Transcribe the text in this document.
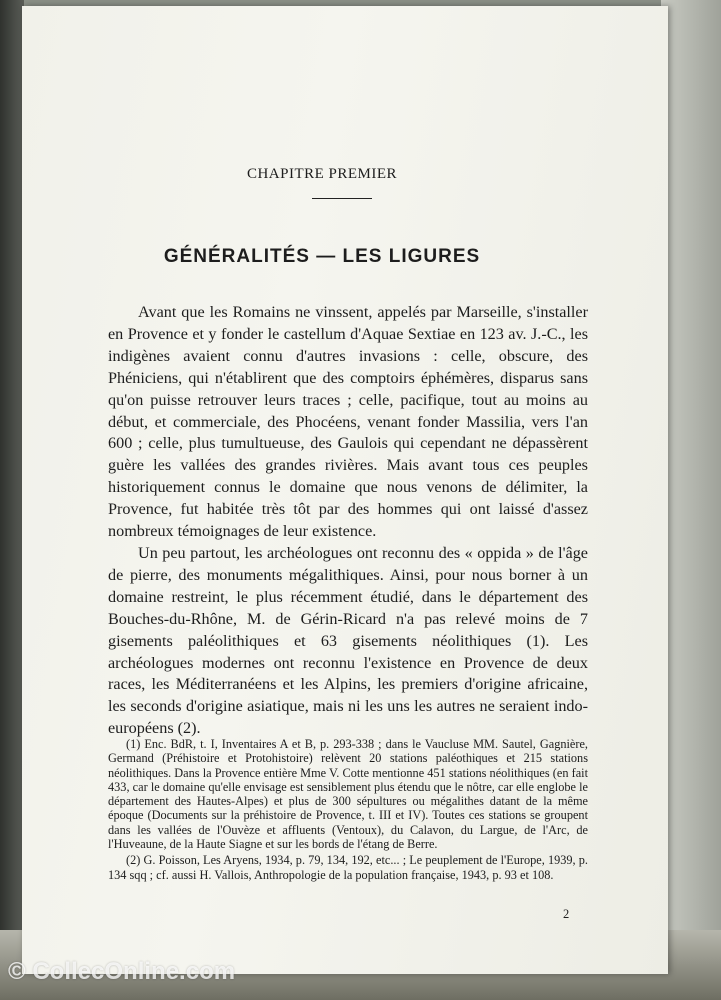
CHAPITRE PREMIER
GÉNÉRALITÉS — LES LIGURES

Avant que les Romains ne vinssent, appelés par Marseille, s'installer en Provence et y fonder le castellum d'Aquae Sextiae en 123 av. J.-C., les indigènes avaient connu d'autres invasions : celle, obscure, des Phéniciens, qui n'établirent que des comptoirs éphémères, disparus sans qu'on puisse retrouver leurs traces ; celle, pacifique, tout au moins au début, et commerciale, des Phocéens, venant fonder Massilia, vers l'an 600 ; celle, plus tumultueuse, des Gaulois qui cependant ne dépassèrent guère les vallées des grandes rivières. Mais avant tous ces peuples historiquement connus le domaine que nous venons de délimiter, la Provence, fut habitée très tôt par des hommes qui ont laissé d'assez nombreux témoignages de leur existence.

Un peu partout, les archéologues ont reconnu des « oppida » de l'âge de pierre, des monuments mégalithiques. Ainsi, pour nous borner à un domaine restreint, le plus récemment étudié, dans le département des Bouches-du-Rhône, M. de Gérin-Ricard n'a pas relevé moins de 7 gisements paléolithiques et 63 gisements néolithiques (1). Les archéologues modernes ont reconnu l'existence en Provence de deux races, les Méditerranéens et les Alpins, les premiers d'origine africaine, les seconds d'origine asiatique, mais ni les uns les autres ne seraient indo-européens (2).

(1) Enc. BdR, t. I, Inventaires A et B, p. 293-338 ; dans le Vaucluse MM. Sautel, Gagnière, Germand (Préhistoire et Protohistoire) relèvent 20 stations paléothiques et 215 stations néolithiques. Dans la Provence entière Mme V. Cotte mentionne 451 stations néolithiques (en fait 433, car le domaine qu'elle envisage est sensiblement plus étendu que le nôtre, car elle englobe le département des Hautes-Alpes) et plus de 300 sépultures ou mégalithes datant de la même époque (Documents sur la préhistoire de Provence, t. III et IV). Toutes ces stations se groupent dans les vallées de l'Ouvèze et affluents (Ventoux), du Calavon, du Largue, de l'Arc, de l'Huveaune, de la Haute Siagne et sur les bords de l'étang de Berre.

(2) G. Poisson, Les Aryens, 1934, p. 79, 134, 192, etc... ; Le peuplement de l'Europe, 1939, p. 134 sqq ; cf. aussi H. Vallois, Anthropologie de la population française, 1943, p. 93 et 108.

2
© CollecOnline.com
